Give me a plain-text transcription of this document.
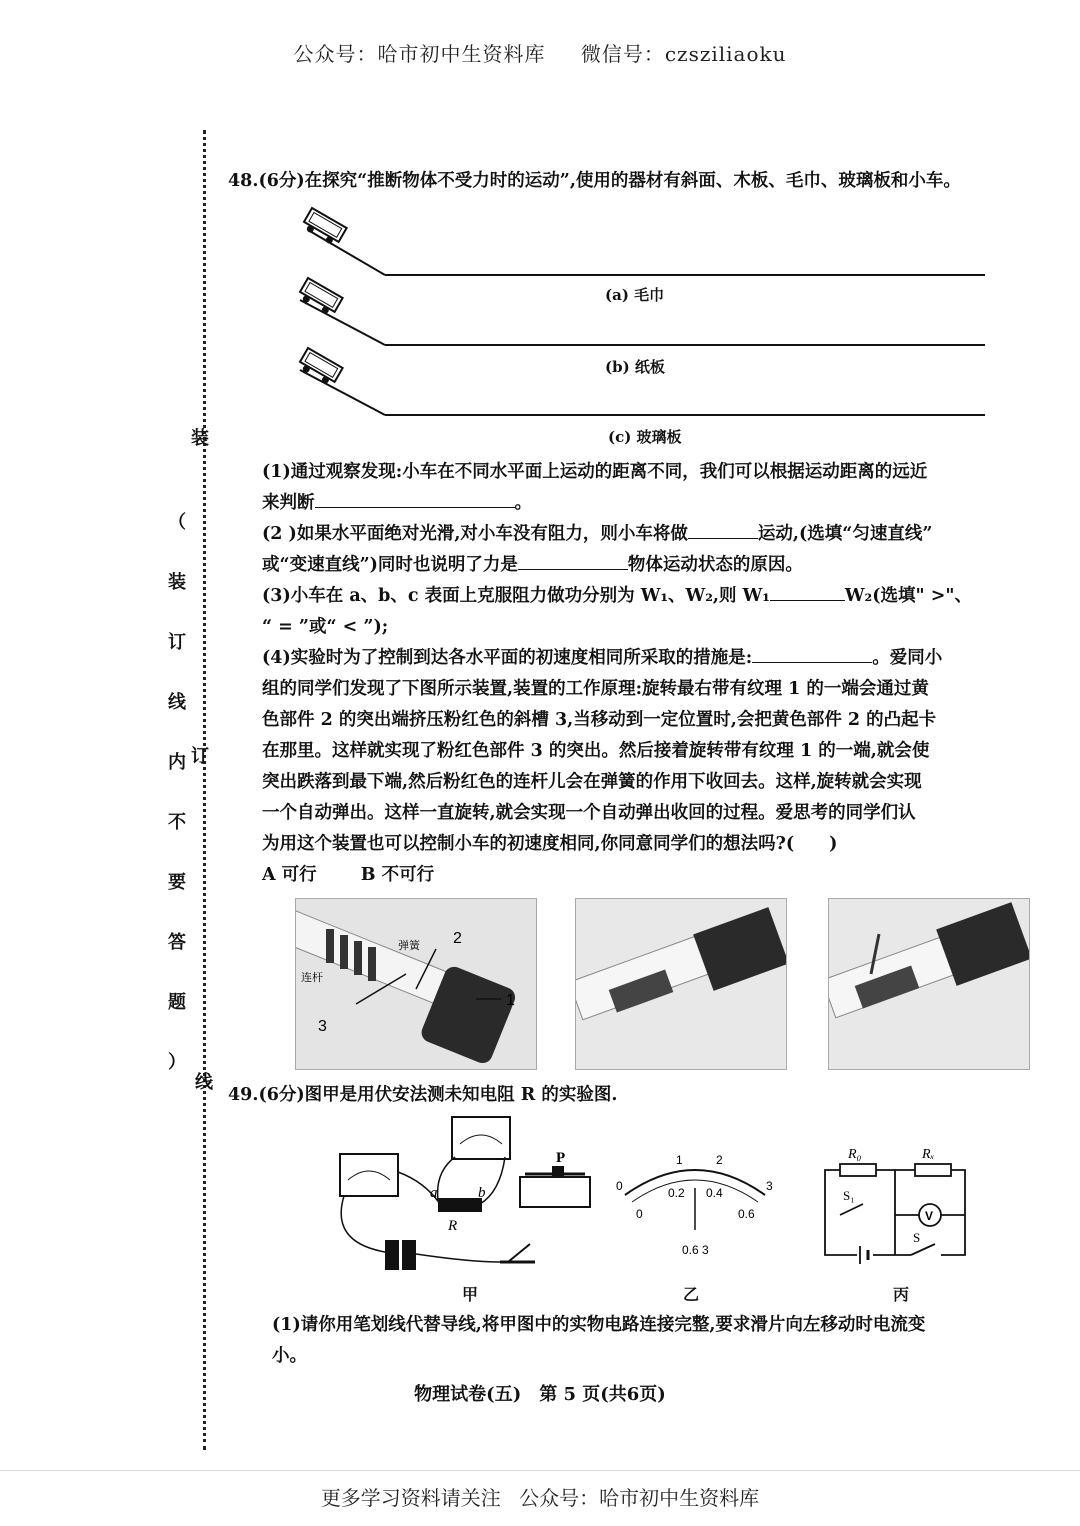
公众号：哈市初中生资料库 微信号：czsziliaoku
装
订
线
（
装
订
线
内
不
要
答
题
）
48.(6分)在探究“推断物体不受力时的运动”,使用的器材有斜面、木板、毛巾、玻璃板和小车。
(a) 毛巾
(b) 纸板
(c) 玻璃板
(1)通过观察发现:小车在不同水平面上运动的距离不同，我们可以根据运动距离的远近
来判断	。
(2 )如果水平面绝对光滑,对小车没有阻力，则小车将做	运动,(选填“匀速直线”
或“变速直线”)同时也说明了力是	物体运动状态的原因。
(3)小车在 a、b、c 表面上克服阻力做功分别为 W₁、W₂,则 W₁	W₂(选填" >"、
“ = ”或“ < ”);
(4)实验时为了控制到达各水平面的初速度相同所采取的措施是:	。爱同小
组的同学们发现了下图所示装置,装置的工作原理:旋转最右带有纹理 1 的一端会通过黄
色部件 2 的突出端挤压粉红色的斜槽 3,当移动到一定位置时,会把黄色部件 2 的凸起卡
在那里。这样就实现了粉红色部件 3 的突出。然后接着旋转带有纹理 1 的一端,就会使
突出跌落到最下端,然后粉红色的连杆儿会在弹簧的作用下收回去。这样,旋转就会实现
一个自动弹出。这样一直旋转,就会实现一个自动弹出收回的过程。爱思考的同学们认
为用这个装置也可以控制小车的初速度相同,你同意同学们的想法吗?(　　)
A 可行	B 不可行
弹簧
连杆
2
1
3
49.(6分)图甲是用伏安法测未知电阻 R 的实验图.
P
a	b
R
0
1	2
3
0
0.2 0.4
0.6
0.6 3
R₀	Rₓ
S₁
S
V
甲	乙	丙
(1)请你用笔划线代替导线,将甲图中的实物电路连接完整,要求滑片向左移动时电流变
小。
物理试卷(五)　第 5 页(共6页)
更多学习资料请关注 公众号：哈市初中生资料库
